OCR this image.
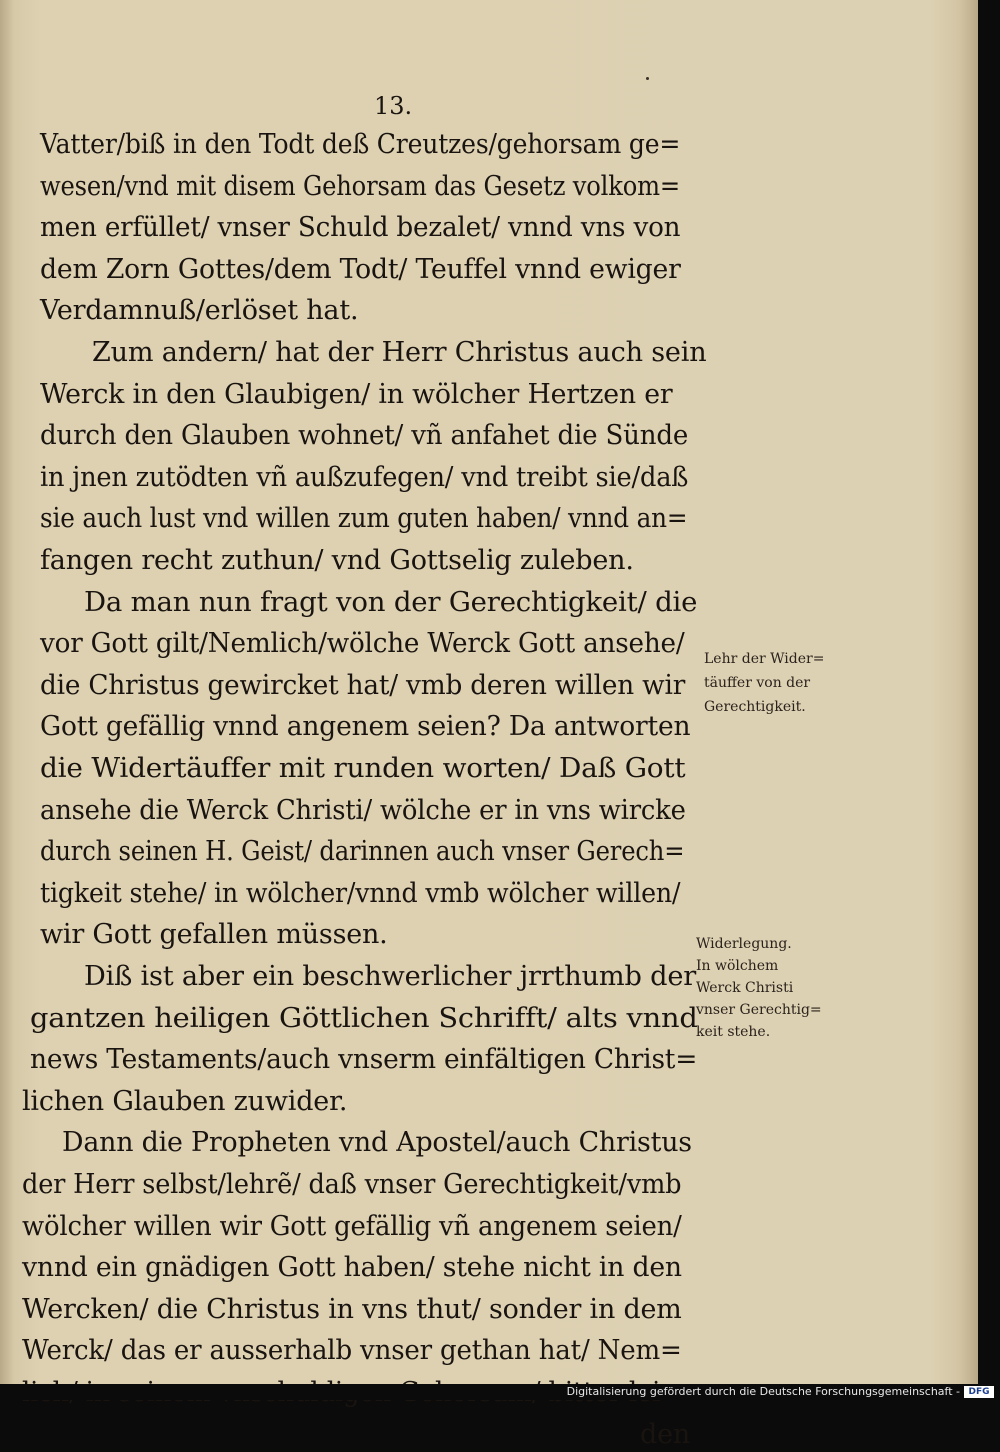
13.
Vatter/biß in den Todt deß Creutzes/gehorsam ge=
wesen/vnd mit disem Gehorsam das Gesetz volkom=
men erfüllet/ vnser Schuld bezalet/ vnnd vns von
dem Zorn Gottes/dem Todt/ Teuffel vnnd ewiger
Verdamnuß/erlöset hat.
Zum andern/ hat der Herr Christus auch sein
Werck in den Glaubigen/ in wölcher Hertzen er
durch den Glauben wohnet/ vñ anfahet die Sünde
in jnen zutödten vñ außzufegen/ vnd treibt sie/daß
sie auch lust vnd willen zum guten haben/ vnnd an=
fangen recht zuthun/ vnd Gottselig zuleben.
Da man nun fragt von der Gerechtigkeit/ die
vor Gott gilt/Nemlich/wölche Werck Gott ansehe/
die Christus gewircket hat/ vmb deren willen wir
Gott gefällig vnnd angenem seien? Da antworten
die Widertäuffer mit runden worten/ Daß Gott
ansehe die Werck Christi/ wölche er in vns wircke
durch seinen H. Geist/ darinnen auch vnser Gerech=
tigkeit stehe/ in wölcher/vnnd vmb wölcher willen/
wir Gott gefallen müssen.
Diß ist aber ein beschwerlicher jrrthumb der
gantzen heiligen Göttlichen Schrifft/ alts vnnd
news Testaments/auch vnserm einfältigen Christ=
lichen Glauben zuwider.
Dann die Propheten vnd Apostel/auch Christus
der Herr selbst/lehrẽ/ daß vnser Gerechtigkeit/vmb
wölcher willen wir Gott gefällig vñ angenem seien/
vnnd ein gnädigen Gott haben/ stehe nicht in den
Wercken/ die Christus in vns thut/ sonder in dem
Werck/ das er ausserhalb vnser gethan hat/ Nem=
den
Lehr der Wider=
täuffer von der
Gerechtigkeit.
Widerlegung.
In wölchem
Werck Christi
vnser Gerechtig=
keit stehe.
Digitalisierung gefördert durch die Deutsche Forschungsgemeinschaft - DFG
